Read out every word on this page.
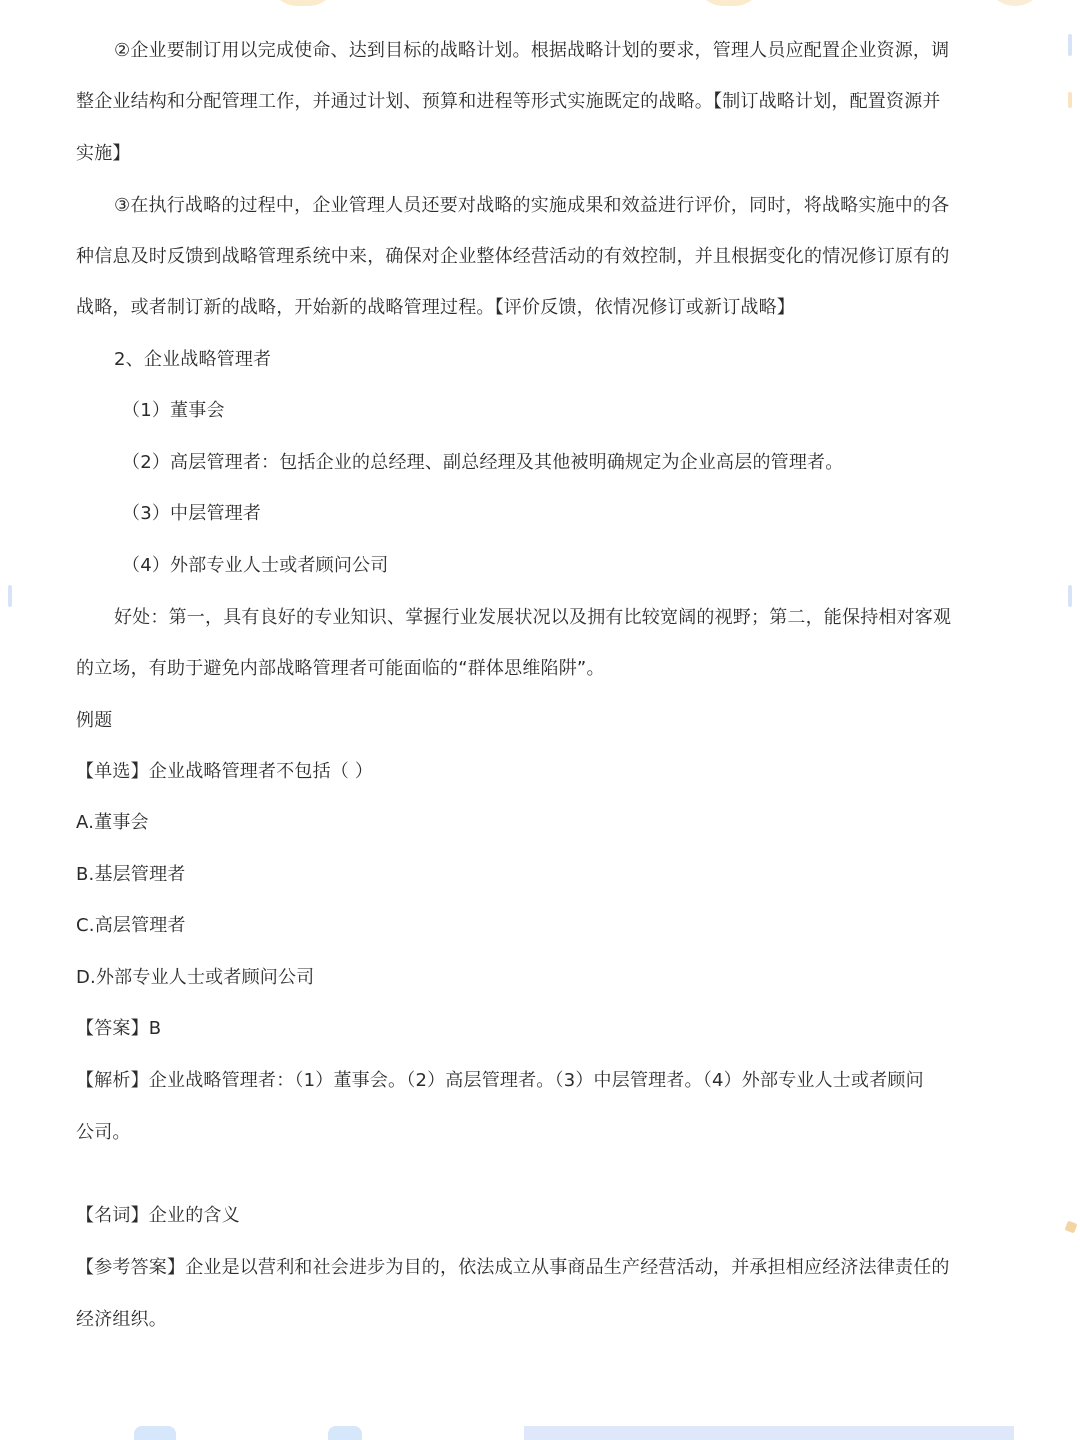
②企业要制订用以完成使命、达到目标的战略计划。根据战略计划的要求，管理人员应配置企业资源，调
整企业结构和分配管理工作，并通过计划、预算和进程等形式实施既定的战略。【制订战略计划，配置资源并
实施】
③在执行战略的过程中，企业管理人员还要对战略的实施成果和效益进行评价，同时，将战略实施中的各
种信息及时反馈到战略管理系统中来，确保对企业整体经营活动的有效控制，并且根据变化的情况修订原有的
战略，或者制订新的战略，开始新的战略管理过程。【评价反馈，依情况修订或新订战略】
2、企业战略管理者
（1）董事会
（2）高层管理者：包括企业的总经理、副总经理及其他被明确规定为企业高层的管理者。
（3）中层管理者
（4）外部专业人士或者顾问公司
好处：第一，具有良好的专业知识、掌握行业发展状况以及拥有比较宽阔的视野；第二，能保持相对客观
的立场，有助于避免内部战略管理者可能面临的“群体思维陷阱”。
例题
【单选】企业战略管理者不包括（ ）
A.董事会
B.基层管理者
C.高层管理者
D.外部专业人士或者顾问公司
【答案】B
【解析】企业战略管理者：（1）董事会。（2）高层管理者。（3）中层管理者。（4）外部专业人士或者顾问
公司。
【名词】企业的含义
【参考答案】企业是以营利和社会进步为目的，依法成立从事商品生产经营活动，并承担相应经济法律责任的
经济组织。
